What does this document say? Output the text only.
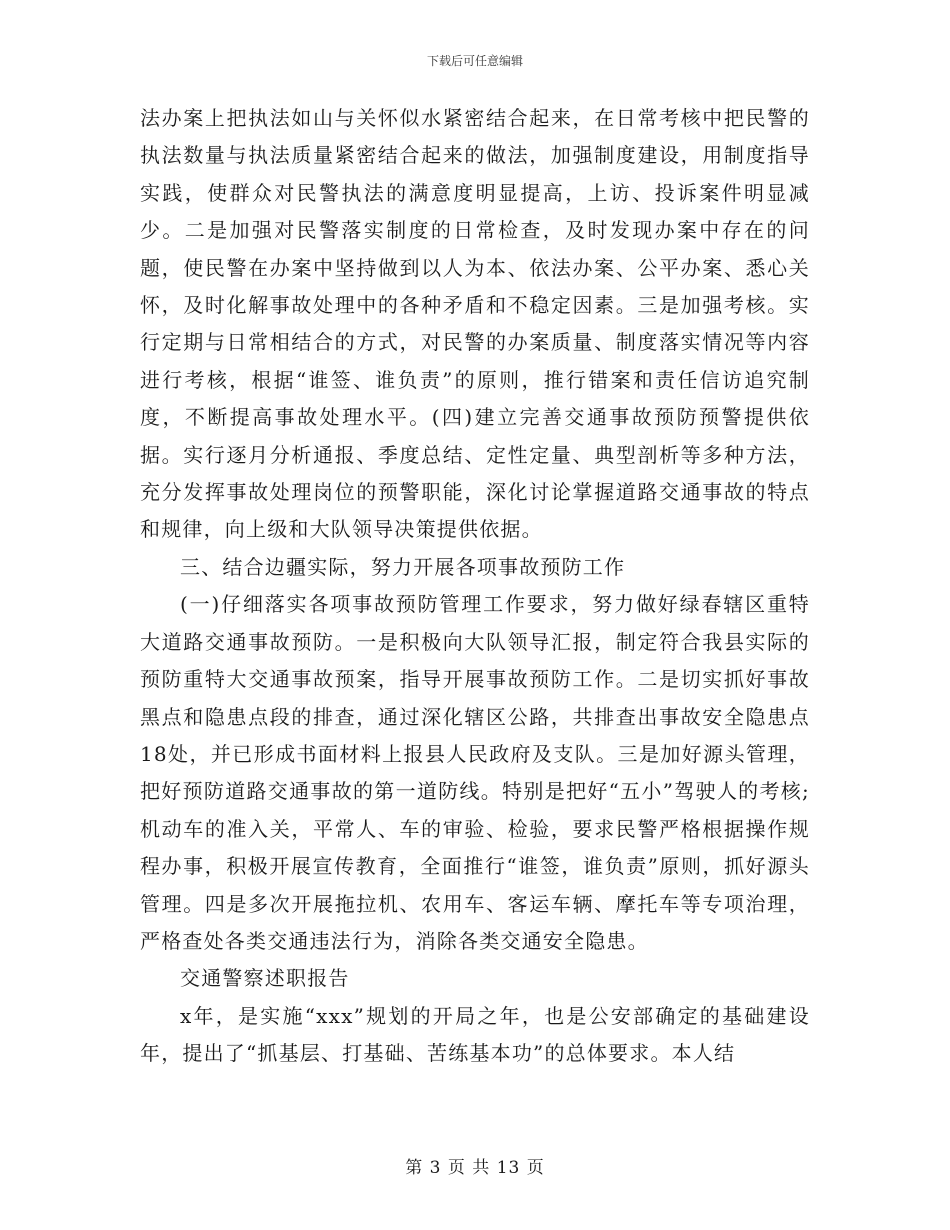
下载后可任意编辑

法办案上把执法如山与关怀似水紧密结合起来，在日常考核中把民警的执法数量与执法质量紧密结合起来的做法，加强制度建设，用制度指导实践，使群众对民警执法的满意度明显提高，上访、投诉案件明显减少。二是加强对民警落实制度的日常检查，及时发现办案中存在的问题，使民警在办案中坚持做到以人为本、依法办案、公平办案、悉心关怀，及时化解事故处理中的各种矛盾和不稳定因素。三是加强考核。实行定期与日常相结合的方式，对民警的办案质量、制度落实情况等内容进行考核，根据“谁签、谁负责”的原则，推行错案和责任信访追究制度，不断提高事故处理水平。(四)建立完善交通事故预防预警提供依据。实行逐月分析通报、季度总结、定性定量、典型剖析等多种方法，充分发挥事故处理岗位的预警职能，深化讨论掌握道路交通事故的特点和规律，向上级和大队领导决策提供依据。

三、结合边疆实际，努力开展各项事故预防工作

(一)仔细落实各项事故预防管理工作要求，努力做好绿春辖区重特大道路交通事故预防。一是积极向大队领导汇报，制定符合我县实际的预防重特大交通事故预案，指导开展事故预防工作。二是切实抓好事故黑点和隐患点段的排查，通过深化辖区公路，共排查出事故安全隐患点18处，并已形成书面材料上报县人民政府及支队。三是加好源头管理，把好预防道路交通事故的第一道防线。特别是把好“五小”驾驶人的考核;机动车的准入关，平常人、车的审验、检验，要求民警严格根据操作规程办事，积极开展宣传教育，全面推行“谁签，谁负责”原则，抓好源头管理。四是多次开展拖拉机、农用车、客运车辆、摩托车等专项治理，严格查处各类交通违法行为，消除各类交通安全隐患。

交通警察述职报告

x年，是实施“xxx”规划的开局之年，也是公安部确定的基础建设年，提出了“抓基层、打基础、苦练基本功”的总体要求。本人结

第 3 页 共 13 页
